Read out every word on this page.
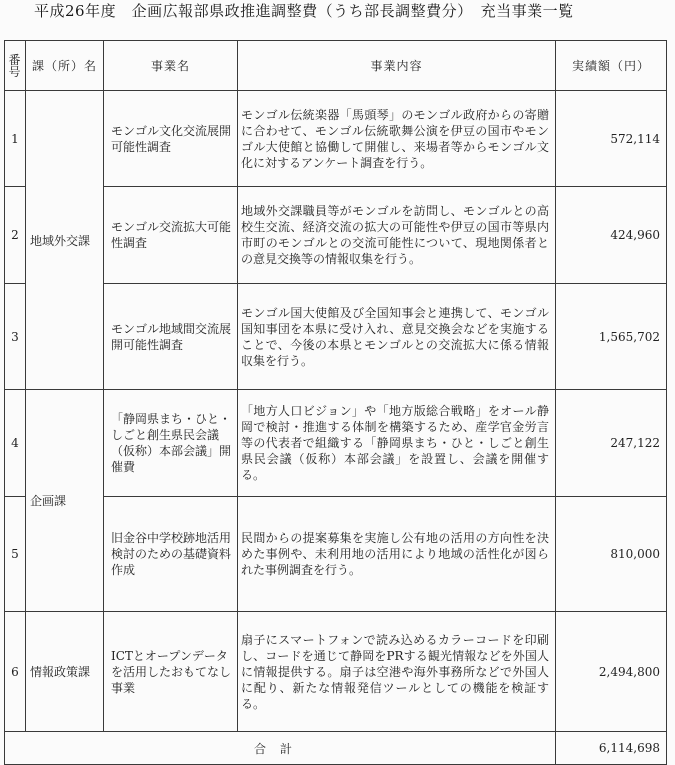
平成26年度　企画広報部県政推進調整費（うち部長調整費分）　充当事業一覧
番
号	課（所）名	事業名	事業内容	実績額（円）
1	地域外交課	モンゴル文化交流展開可能性調査	モンゴル伝統楽器「馬頭琴」のモンゴル政府からの寄贈に合わせて、モンゴル伝統歌舞公演を伊豆の国市やモンゴル大使館と協働して開催し、来場者等からモンゴル文化に対するアンケート調査を行う。	572,114
2		モンゴル交流拡大可能性調査	地域外交課職員等がモンゴルを訪問し、モンゴルとの高校生交流、経済交流の拡大の可能性や伊豆の国市等県内市町のモンゴルとの交流可能性について、現地関係者との意見交換等の情報収集を行う。	424,960
3		モンゴル地域間交流展開可能性調査	モンゴル国大使館及び全国知事会と連携して、モンゴル国知事団を本県に受け入れ、意見交換会などを実施することで、今後の本県とモンゴルとの交流拡大に係る情報収集を行う。	1,565,702
4	企画課	「静岡県まち・ひと・しごと創生県民会議（仮称）本部会議」開催費	「地方人口ビジョン」や「地方版総合戦略」をオール静岡で検討・推進する体制を構築するため、産学官金労言等の代表者で組織する「静岡県まち・ひと・しごと創生県民会議（仮称）本部会議」を設置し、会議を開催する。	247,122
5		旧金谷中学校跡地活用検討のための基礎資料作成	民間からの提案募集を実施し公有地の活用の方向性を決めた事例や、未利用地の活用により地域の活性化が図られた事例調査を行う。	810,000
6	情報政策課	ICTとオープンデータを活用したおもてなし事業	扇子にスマートフォンで読み込めるカラーコードを印刷し、コードを通じて静岡をPRする観光情報などを外国人に情報提供する。扇子は空港や海外事務所などで外国人に配り、新たな情報発信ツールとしての機能を検証する。	2,494,800
合計				6,114,698
